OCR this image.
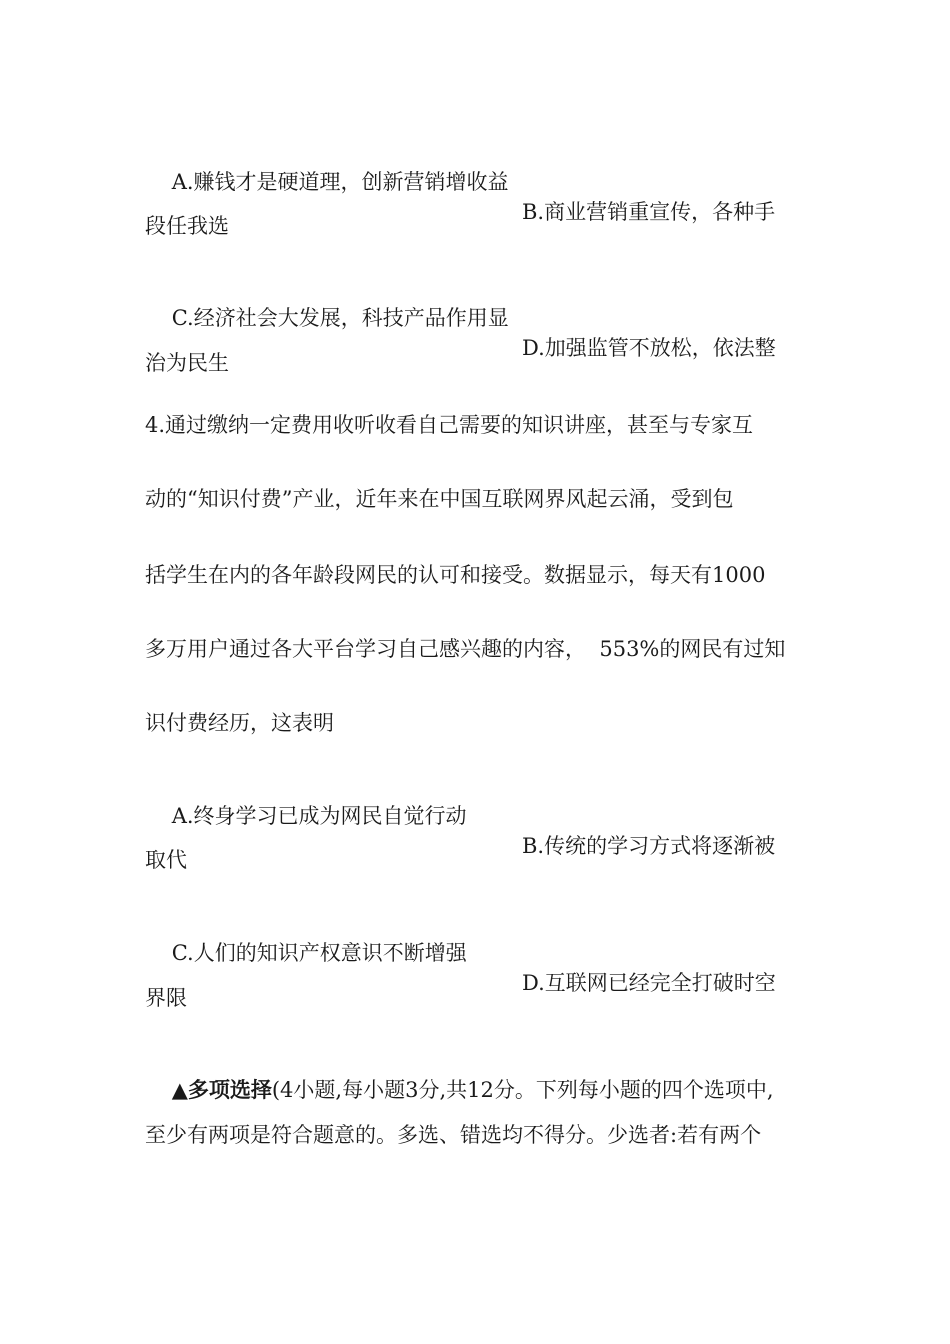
A.赚钱才是硬道理，创新营销增收益

B.商业营销重宣传，各种手

段任我选

C.经济社会大发展，科技产品作用显

D.加强监管不放松，依法整

治为民生
4.通过缴纳一定费用收听收看自己需要的知识讲座，甚至与专家互
动的“知识付费”产业，近年来在中国互联网界风起云涌，受到包
括学生在内的各年龄段网民的认可和接受。数据显示，每天有1000
多万用户通过各大平台学习自己感兴趣的内容，  553%的网民有过知
识付费经历，这表明

A.终身学习已成为网民自觉行动

B.传统的学习方式将逐渐被

取代

C.人们的知识产权意识不断增强

D.互联网已经完全打破时空

界限

▲多项选择(4小题,每小题3分,共12分。下列每小题的四个选项中,

至少有两项是符合题意的。多选、错选均不得分。少选者:若有两个
